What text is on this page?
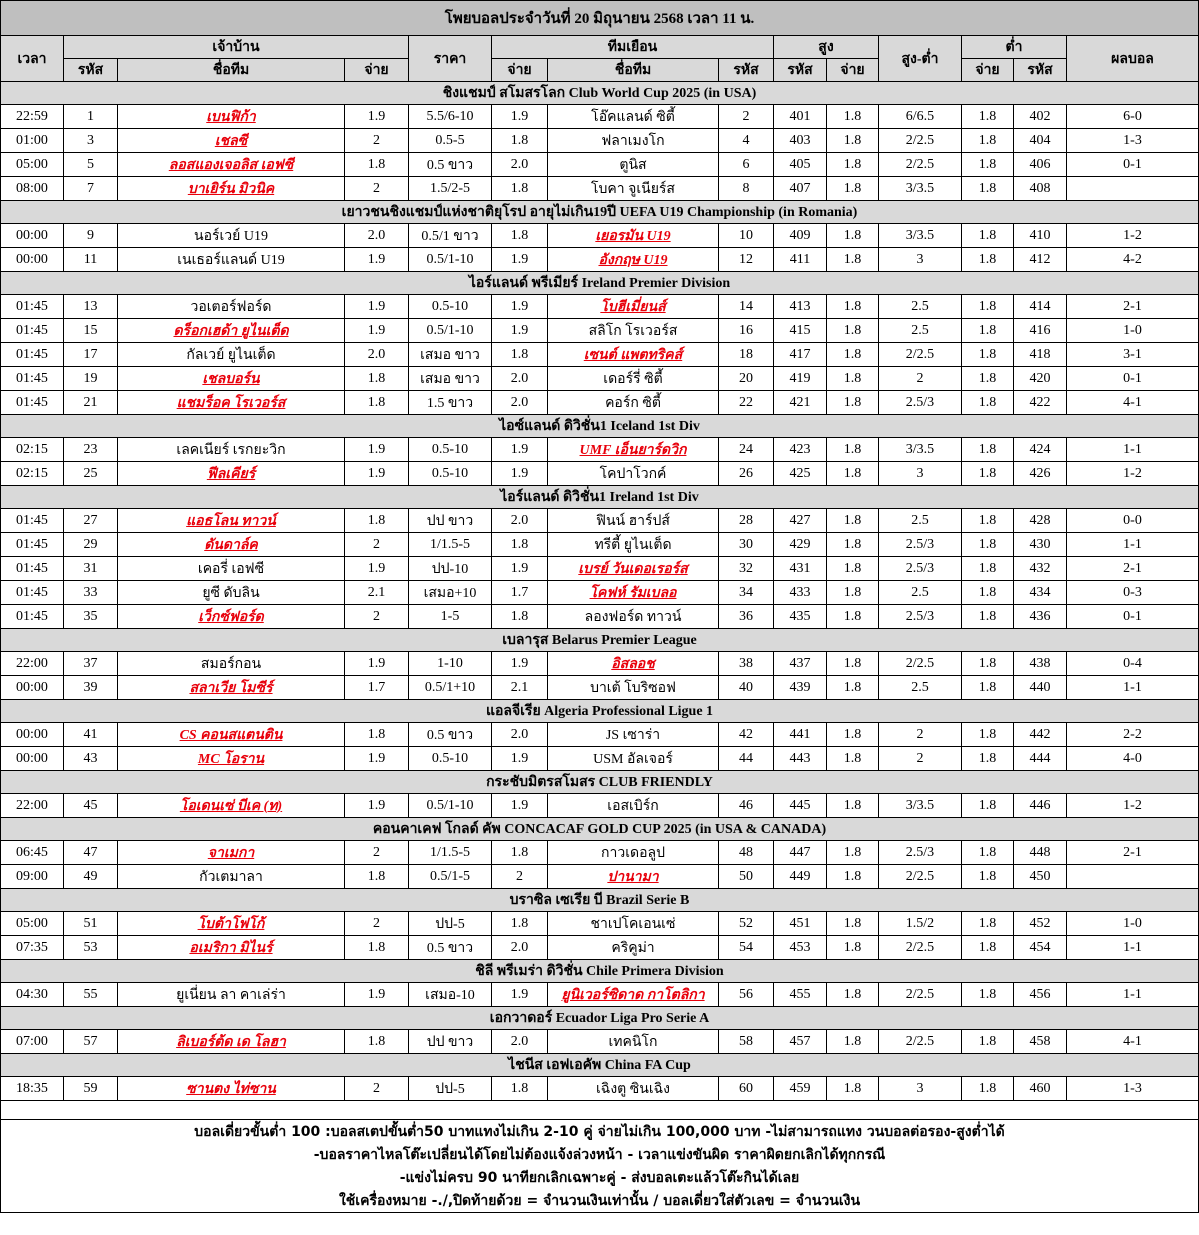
โพยบอลประจำวันที่ 20 มิถุนายน 2568 เวลา 11 น.													
เวลา	เจ้าบ้าน			ราคา	ทีมเยือน			สูง		สูง-ต่ำ	ต่ำ		ผลบอล
	รหัส	ชื่อทีม	จ่าย		จ่าย	ชื่อทีม	รหัส	รหัส	จ่าย		จ่าย	รหัส	
ชิงแชมป์ สโมสรโลก Club World Cup 2025 (in USA)													
22:59	1	เบนฟิก้า	1.9	5.5/6-10	1.9	โอ๊คแลนด์ ซิตี้	2	401	1.8	6/6.5	1.8	402	6-0
01:00	3	เชลซี	2	0.5-5	1.8	ฟลาเมงโก	4	403	1.8	2/2.5	1.8	404	1-3
05:00	5	ลอสแองเจอลิส เอฟซี	1.8	0.5 ขาว	2.0	ตูนิส	6	405	1.8	2/2.5	1.8	406	0-1
08:00	7	บาเยิร์น มิวนิค	2	1.5/2-5	1.8	โบคา จูเนียร์ส	8	407	1.8	3/3.5	1.8	408	
เยาวชนชิงแชมป์แห่งชาติยุโรป อายุไม่เกิน19ปี UEFA U19 Championship (in Romania)													
00:00	9	นอร์เวย์ U19	2.0	0.5/1 ขาว	1.8	เยอรมัน U19	10	409	1.8	3/3.5	1.8	410	1-2
00:00	11	เนเธอร์แลนด์ U19	1.9	0.5/1-10	1.9	อังกฤษ U19	12	411	1.8	3	1.8	412	4-2
ไอร์แลนด์ พรีเมียร์ Ireland Premier Division													
01:45	13	วอเตอร์ฟอร์ด	1.9	0.5-10	1.9	โบฮีเมี่ยนส์	14	413	1.8	2.5	1.8	414	2-1
01:45	15	ดร็อกเฮด้า ยูไนเต็ด	1.9	0.5/1-10	1.9	สลิโก โรเวอร์ส	16	415	1.8	2.5	1.8	416	1-0
01:45	17	กัลเวย์ ยูไนเต็ด	2.0	เสมอ ขาว	1.8	เซนต์ แพตทริคส์	18	417	1.8	2/2.5	1.8	418	3-1
01:45	19	เชลบอร์น	1.8	เสมอ ขาว	2.0	เดอร์รี่ ซิตี้	20	419	1.8	2	1.8	420	0-1
01:45	21	แชมร็อค โรเวอร์ส	1.8	1.5 ขาว	2.0	คอร์ก ซิตี้	22	421	1.8	2.5/3	1.8	422	4-1
ไอซ์แลนด์ ดิวิชั่น1 Iceland 1st Div													
02:15	23	เลคเนียร์ เรกยะวิก	1.9	0.5-10	1.9	UMF เอ็นยาร์ดวิก	24	423	1.8	3/3.5	1.8	424	1-1
02:15	25	ฟีลเคียร์	1.9	0.5-10	1.9	โคปาโวกค์	26	425	1.8	3	1.8	426	1-2
ไอร์แลนด์ ดิวิชั่น1 Ireland 1st Div													
01:45	27	แอธโลน ทาวน์	1.8	ปป ขาว	2.0	ฟินน์ ฮาร์ปส์	28	427	1.8	2.5	1.8	428	0-0
01:45	29	ดันดาล์ค	2	1/1.5-5	1.8	ทรีตี้ ยูไนเต็ด	30	429	1.8	2.5/3	1.8	430	1-1
01:45	31	เคอรี่ เอฟซี	1.9	ปป-10	1.9	เบรย์ วันเดอเรอร์ส	32	431	1.8	2.5/3	1.8	432	2-1
01:45	33	ยูซี ดับลิน	2.1	เสมอ+10	1.7	โคฟห์ รัมเบลอ	34	433	1.8	2.5	1.8	434	0-3
01:45	35	เว็กซ์ฟอร์ด	2	1-5	1.8	ลองฟอร์ด ทาวน์	36	435	1.8	2.5/3	1.8	436	0-1
เบลารุส Belarus Premier League													
22:00	37	สมอร์กอน	1.9	1-10	1.9	อิสลอช	38	437	1.8	2/2.5	1.8	438	0-4
00:00	39	สลาเวีย โมซีร์	1.7	0.5/1+10	2.1	บาเต้ โบริซอฟ	40	439	1.8	2.5	1.8	440	1-1
แอลจีเรีย Algeria Professional Ligue 1													
00:00	41	CS คอนสแตนติน	1.8	0.5 ขาว	2.0	JS เซาร่า	42	441	1.8	2	1.8	442	2-2
00:00	43	MC โอราน	1.9	0.5-10	1.9	USM อัลเจอร์	44	443	1.8	2	1.8	444	4-0
กระชับมิตรสโมสร CLUB FRIENDLY													
22:00	45	โอเดนเซ่ บีเค (ท)	1.9	0.5/1-10	1.9	เอสเบิร์ก	46	445	1.8	3/3.5	1.8	446	1-2
คอนคาเคฟ โกลด์ คัพ CONCACAF GOLD CUP 2025 (in USA & CANADA)													
06:45	47	จาเมกา	2	1/1.5-5	1.8	กาวเดอลูป	48	447	1.8	2.5/3	1.8	448	2-1
09:00	49	กัวเตมาลา	1.8	0.5/1-5	2	ปานามา	50	449	1.8	2/2.5	1.8	450	
บราซิล เซเรีย บี Brazil Serie B													
05:00	51	โบต้าโฟโก้	2	ปป-5	1.8	ชาเปโคเอนเซ่	52	451	1.8	1.5/2	1.8	452	1-0
07:35	53	อเมริกา มิไนร์	1.8	0.5 ขาว	2.0	คริคูม่า	54	453	1.8	2/2.5	1.8	454	1-1
ชิลี พรีเมร่า ดิวิชั่น Chile Primera Division													
04:30	55	ยูเนี่ยน ลา คาเล่ร่า	1.9	เสมอ-10	1.9	ยูนิเวอร์ซิดาด กาโตลิกา	56	455	1.8	2/2.5	1.8	456	1-1
เอกวาดอร์ Ecuador Liga Pro Serie A													
07:00	57	ลิเบอร์ต้ด เด โลฮา	1.8	ปป ขาว	2.0	เทคนิโก	58	457	1.8	2/2.5	1.8	458	4-1
ไชนีส เอฟเอคัพ China FA Cup													
18:35	59	ซานตง ไท่ซาน	2	ปป-5	1.8	เฉิงตู ซินเฉิง	60	459	1.8	3	1.8	460	1-3

บอลเดี่ยวขั้นต่ำ 100 :บอลสเตปขั้นต่ำ50 บาทแทงไม่เกิน 2-10 คู่ จ่ายไม่เกิน 100,000 บาท -ไม่สามารถแทง วนบอลต่อรอง-สูงต่ำได้													
-บอลราคาไหลโต๊ะเปลี่ยนได้โดยไม่ต้องแจ้งล่วงหน้า - เวลาแข่งขันผิด ราคาผิดยกเลิกได้ทุกกรณี													
-แข่งไม่ครบ 90 นาทียกเลิกเฉพาะคู่ - ส่งบอลเตะแล้วโต๊ะกินได้เลย													
ใช้เครื่องหมาย -./,ปิดท้ายด้วย = จำนวนเงินเท่านั้น / บอลเดี่ยวใส่ตัวเลข = จำนวนเงิน													
